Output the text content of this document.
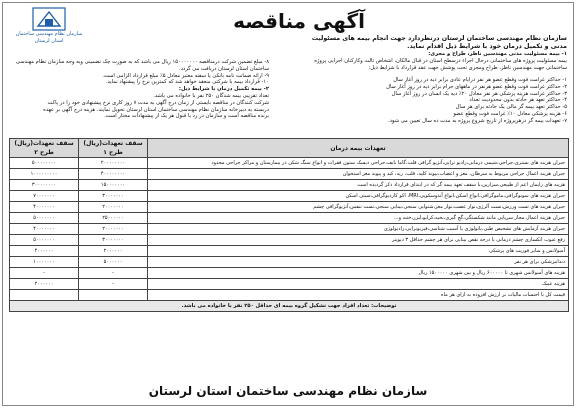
سازمان نظام مهندسی ساختمان
استان لرستان
آگهی مناقصه
سازمان نظام مهندسی ساختمان لرستان درنظردارد جهت انجام بیمه های مسئولیت
مدنی و تکمیل درمان خود با شرایط ذیل اقدام نماید.
۱- بیمه مسئولیت مدنی مهندسین ناظر، طراح و مجری:
بیمه مسئولیت پروژه های ساختمانی درحال اجراء درسطح استان در قبال مالکان، اشخاص ثالث وکارکنان اجرایی پروژه
ساختمانی جهت مهندسین ناظر، طراح ومجری تحت پوشش جهت عقد قرارداد با شرایط ذیل:
۱- حداکثر غرامت فوت وقطع عضو هر نفر درایام عادی برابر دیه در روز آغاز سال
۲- حداکثر غرامت فوت وقطع عضو هرنفر در ماههای حرام برابر دیه در روز آغاز سال
۳- حداکثر غرامت هزینه پزشکی هر نفر معادل ۲۰٪ دیه یک انسان در روز آغاز سال
۴- حداکثر تعهد هر حادثه بدون محدودیت تعداد
۵- حداکثر تعهد بیمه گر مالی یک حادثه برای هر سال
۶- هزینه پزشکی معادل ۱۰٪ غرامت فوت وقطع عضو
۷- تعهدات بیمه گر درهرپروژه از تاریخ شروع پروژه به مدت ده سال تعیین می شود.
۸- مبلغ تضمین شرکت درمناقصه ۱۵۰۰۰۰۰۰۰ ریال می باشد که به صورت چک تضمینی وبه وجه سازمان نظام مهندسی
ساختمان استان لرستان دریافت می گردد.
۹- ارائه ضمانت نامه بانکی یا سفته معتبر معادل ۵٪ مبلغ قرارداد الزامی است.
۱۰- قرارداد بیمه با شرکتی منعقد خواهد شد که کمترین نرخ را پیشنهاد نماید.
۲- بیمه تکمیل درمان با شرایط ذیل:
تعداد تقریبی بیمه شدگان ۲۵۰ نفر با خانواده می باشد.
شرکت کنندگان در مناقصه بایستی از زمان درج آگهی به مدت ۷ روز کاری نرخ پیشنهادی خود را در پاکت
دربسته به دبیرخانه سازمان نظام مهندسی ساختمان استان لرستان تحویل نمایند. هزینه درج آگهی بر عهده
برنده مناقصه است و سازمان در رد یا قبول هر یک از پیشنهادات مختار است.
تعهدات بیمه درمان	سقف تعهدات(ریال) طرح ۱	سقف تعهدات(ریال) طرح ۲
جبران هزینه های بستری،جراحی،شیمی درمانی،رادیو تراپی،آنژیو گرافی قلب،گاما نایف،جراحی دیسک ستون فقرات و انواع سنگ شکن در بیمارستان و مراکز جراحی محدود	۲۰۰۰۰۰۰۰۰	۵۰۰۰۰۰۰۰۰
جبران هزینه اعمال جراحی مربوط به سرطان، مغز و اعصاب،پیوند کلیه، قلب، ریه، کبد و پیوند مغز استخوان	۴۰۰۰۰۰۰۰۰	۱۰۰۰۰۰۰۰۰۰
هزینه های زایمان اعم از طبیعی،سزارین،با سقف تعهد بیمه گر که در ابتدای قرارداد ذکر گردیده است	۱۵۰۰۰۰۰۰۰	۳۰۰۰۰۰۰۰۰
جبران هزینه های سونوگرافی،ماموگرافی،انواع اسکن،انواع آندوسکوپی،MRI، اکو کاردیوگرافی،سیتی اسکن	۳۰۰۰۰۰۰۰	۷۰۰۰۰۰۰۰
جبران هزینه های تست ورزش،تست آلرژی،نوار عصب،نوار مغز،شنوایی سنجی،بینایی سنجی،تست تنفس،آنژیوگرافی چشم	۲۰۰۰۰۰۰۰	۴۰۰۰۰۰۰۰
جبران هزینه اعمال مجاز سرپایی مانند شکستگی،گچ گیری،بخیه،کرایو،لیزر،ختنه و...	۲۵۰۰۰۰۰۰	۵۰۰۰۰۰۰۰
جبران هزینه آزمایش های تشخیص طبی،پاتولوژی یا آسیب شناسی،فیزیوتراپی،رادیولوژی	۲۰۰۰۰۰۰۰	۴۰۰۰۰۰۰۰
رفع عیوب انکساری چشم درمانی با درجه نقص بینایی برای هر چشم حداقل ۳ دیوپتر	۳۰۰۰۰۰۰۰	۵۰۰۰۰۰۰۰
آمبولانس و سایر فوریت های پزشکی	۲۰۰۰۰۰۰	۴۰۰۰۰۰۰
دندانپزشکی برای هر نفر	۵۰۰۰۰۰۰	۱۰۰۰۰۰۰۰
هزینه های آمبولانس شهری تا ۶۰۰۰۰۰ ریال و بین شهری ۱۵۰۰۰۰۰ ریال	-	-
هزینه عینک	-	۲۰۰۰۰۰۰
قیمت کل با احتساب مالیات بر ارزش افزوده به ازای هر ماه		
توضیحات: تعداد افراد جهت تشکیل گروه بیمه ای حداقل ۲۵۰ نفر با خانواده می باشد.		
سازمان نظام مهندسی ساختمان استان لرستان
